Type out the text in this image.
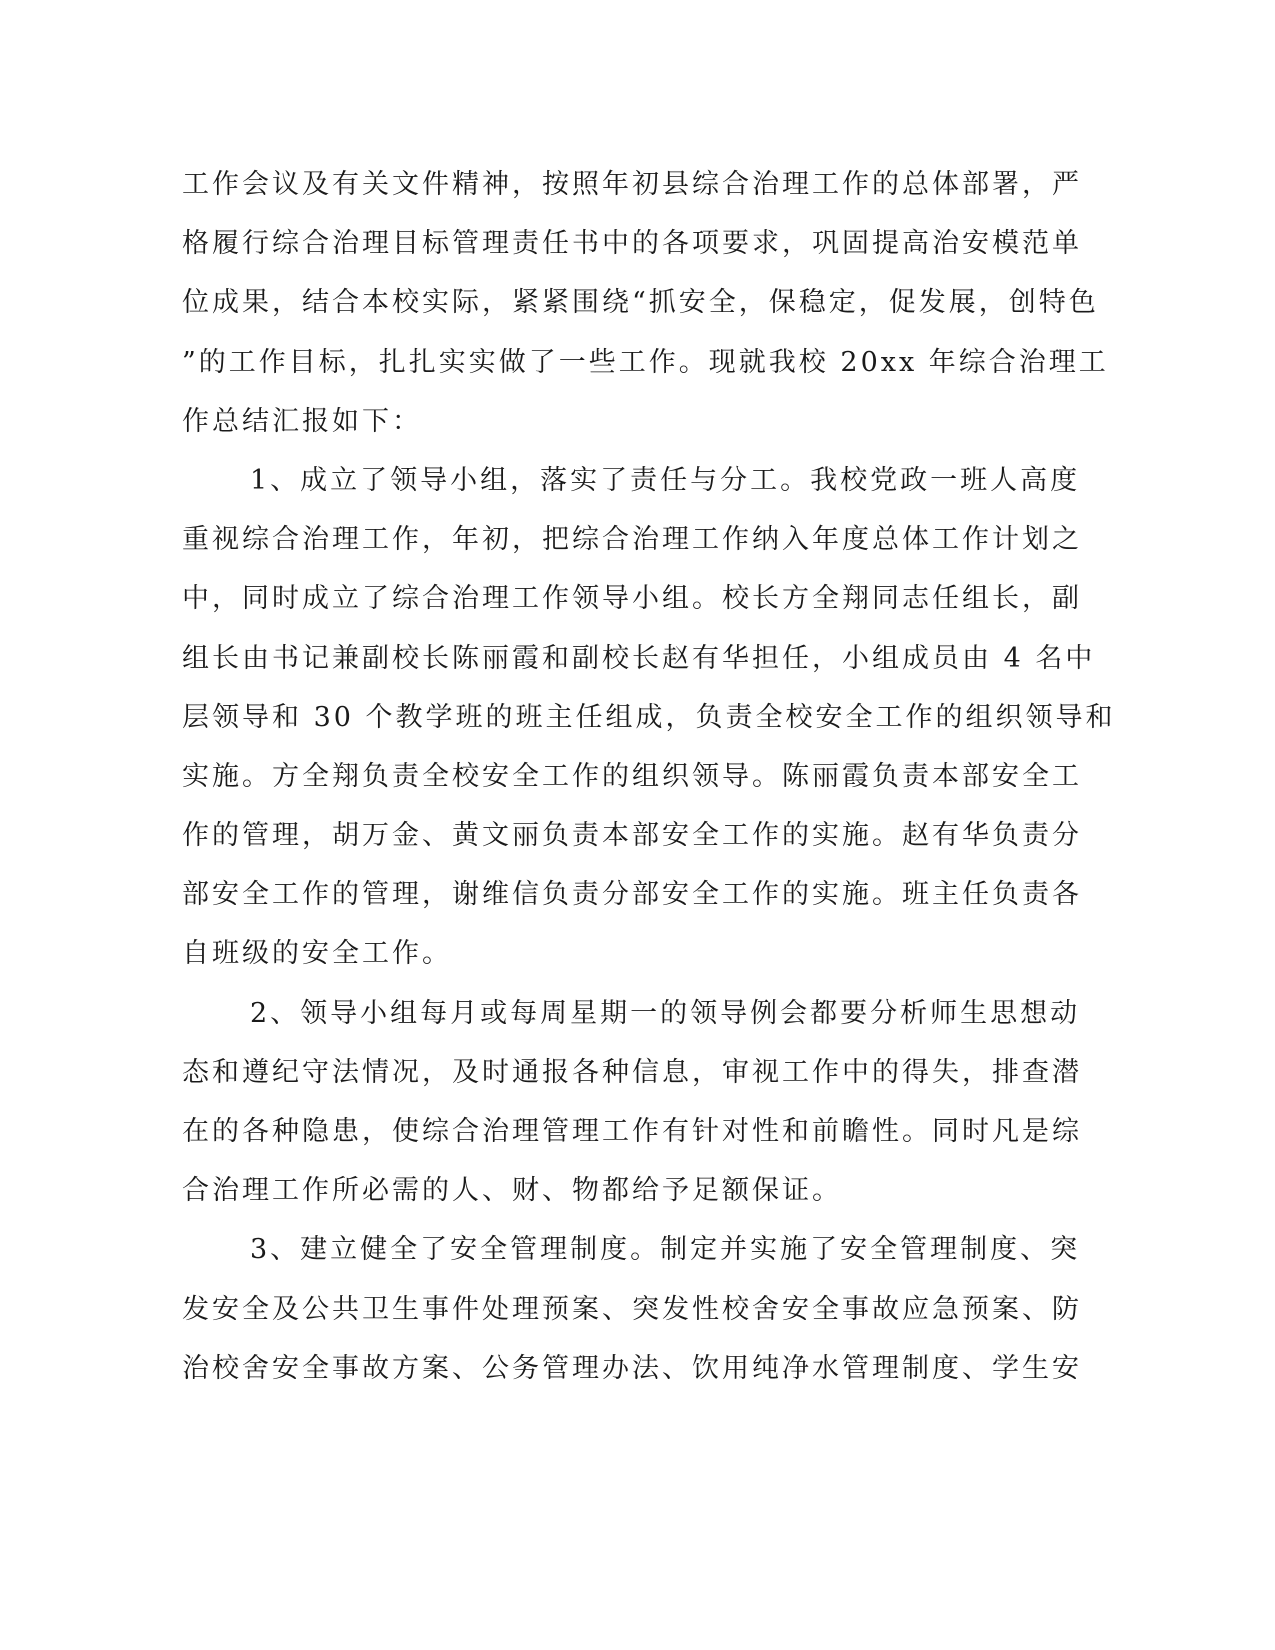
工作会议及有关文件精神，按照年初县综合治理工作的总体部署，严
格履行综合治理目标管理责任书中的各项要求，巩固提高治安模范单
位成果，结合本校实际，紧紧围绕“抓安全，保稳定，促发展，创特色
”的工作目标，扎扎实实做了一些工作。现就我校 20xx 年综合治理工
作总结汇报如下：

1、成立了领导小组，落实了责任与分工。我校党政一班人高度
重视综合治理工作，年初，把综合治理工作纳入年度总体工作计划之
中，同时成立了综合治理工作领导小组。校长方全翔同志任组长，副
组长由书记兼副校长陈丽霞和副校长赵有华担任，小组成员由 4 名中
层领导和 30 个教学班的班主任组成，负责全校安全工作的组织领导和
实施。方全翔负责全校安全工作的组织领导。陈丽霞负责本部安全工
作的管理，胡万金、黄文丽负责本部安全工作的实施。赵有华负责分
部安全工作的管理，谢维信负责分部安全工作的实施。班主任负责各
自班级的安全工作。

2、领导小组每月或每周星期一的领导例会都要分析师生思想动
态和遵纪守法情况，及时通报各种信息，审视工作中的得失，排查潜
在的各种隐患，使综合治理管理工作有针对性和前瞻性。同时凡是综
合治理工作所必需的人、财、物都给予足额保证。

3、建立健全了安全管理制度。制定并实施了安全管理制度、突
发安全及公共卫生事件处理预案、突发性校舍安全事故应急预案、防
治校舍安全事故方案、公务管理办法、饮用纯净水管理制度、学生安
